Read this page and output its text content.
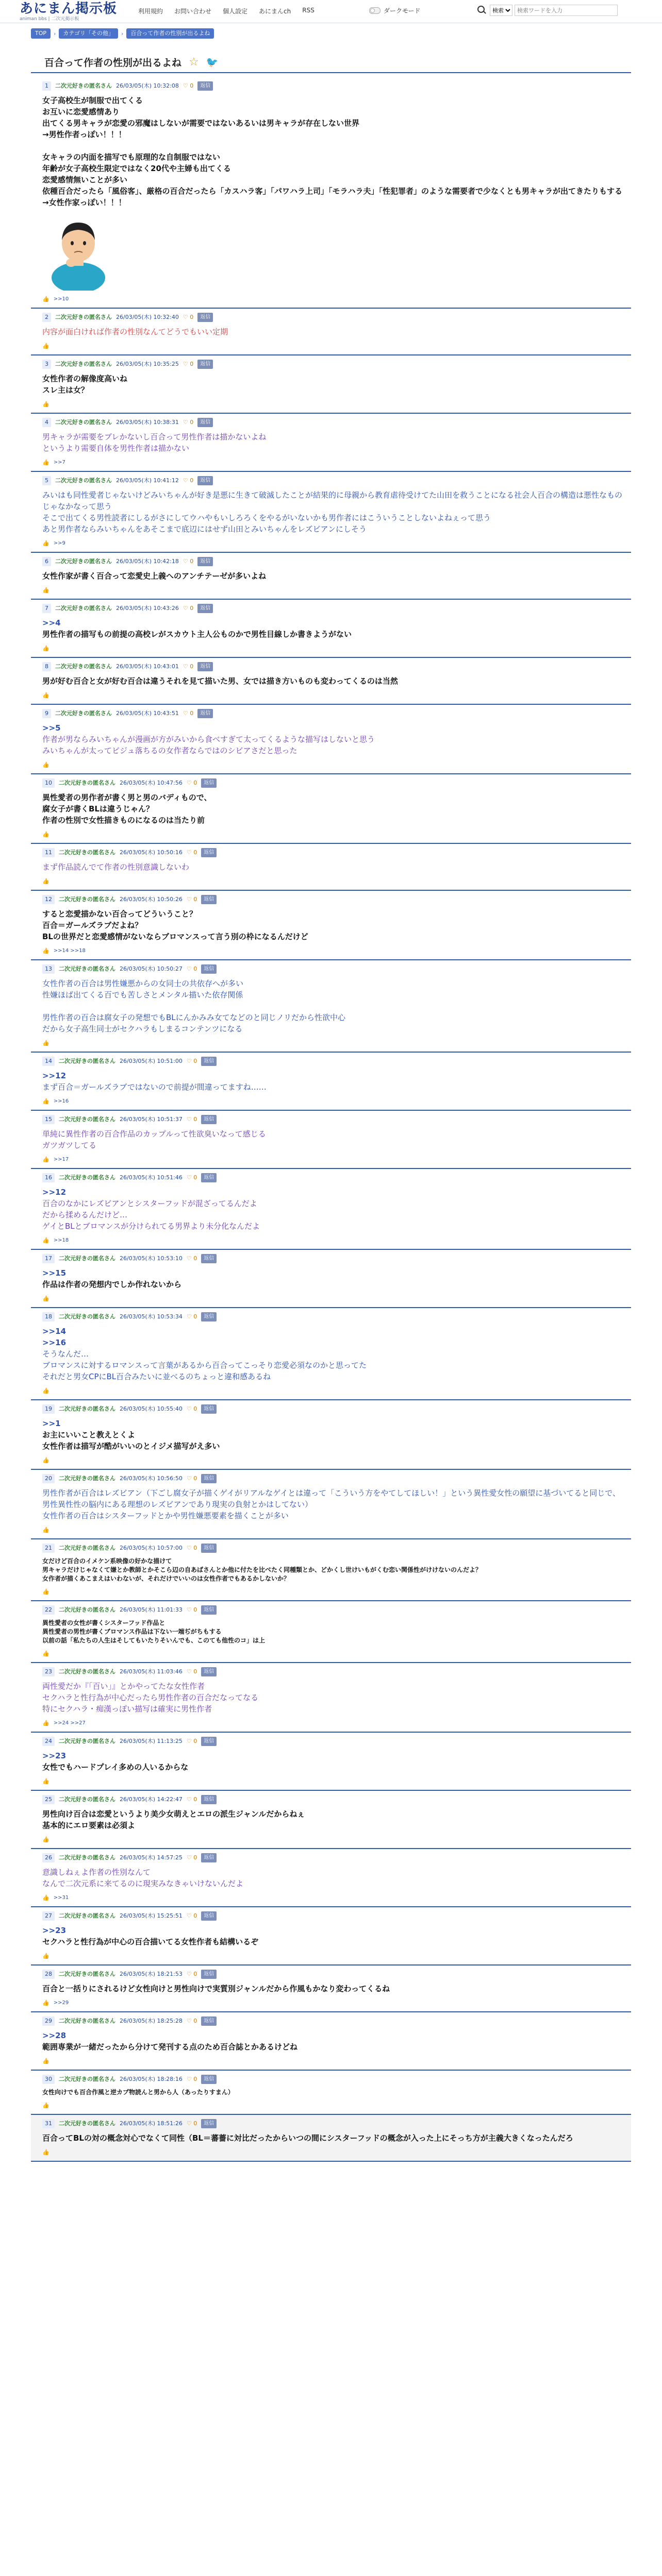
あにまん掲示板
animan bbs | 二次元掲示板
利用規約 お問い合わせ 個人設定 あにまんch RSS	ダークモード
検索
検索ワードを入力
TOP	›	カテゴリ「その他」	›	百合って作者の性別が出るよね
百合って作者の性別が出るよね ☆ 🐦
1	二次元好きの匿名さん 26/03/05(木) 10:32:08 ♡ 0	返信
女子高校生が制服で出てくる
お互いに恋愛感情あり
出てくる男キャラが恋愛の邪魔はしないが需要ではないあるいは男キャラが存在しない世界
→男性作者っぽい！！！

女キャラの内面を描写でも原理的な自制服ではない
年齢が女子高校生限定ではなく20代や主婦も出てくる
恋愛感情無いことが多い
依種百合だったら「風俗客」、厳格の百合だったら「カスハラ客」「パワハラ上司」「モラハラ夫」「性犯罪者」のような需要者で少なくとも男キャラが出てきたりもする
→女性作家っぽい！！！
👍 >>10
2	二次元好きの匿名さん 26/03/05(木) 10:32:40 ♡ 0	返信
内容が面白ければ作者の性別なんてどうでもいい定期
👍
3	二次元好きの匿名さん 26/03/05(木) 10:35:25 ♡ 0	返信
女性作者の解像度高いね
スレ主は女？
👍
4	二次元好きの匿名さん 26/03/05(木) 10:38:31 ♡ 0	返信
男キャラが需要をブレかないし百合って男性作者は描かないよね
というより需要自体を男性作者は描かない
👍 >>7
5	二次元好きの匿名さん 26/03/05(木) 10:41:12 ♡ 0	返信
みいはも同性愛者じゃないけどみいちゃんが好き是悪に生きて破滅したことが結果的に母親から教育虐待受けてた山田を救うことになる社会人百合の構造は悪性なものじゃなかなって思う
そこで出てくる男性読者にしるがさにしてウハやもいしろろくをやるがいないかも男作者にはこういうことしないよねぇって思う
あと男作者ならみいちゃんをあそこまで底辺にはせず山田とみいちゃんをレズビアンにしそう
👍 >>9
6	二次元好きの匿名さん 26/03/05(木) 10:42:18 ♡ 0	返信
女性作家が書く百合って恋愛史上義へのアンチテーゼが多いよね
👍
7	二次元好きの匿名さん 26/03/05(木) 10:43:26 ♡ 0	返信
>>4
男性作者の描写もの前提の高校レがスカウト主人公ものかで男性目線しか書きようがない
👍
8	二次元好きの匿名さん 26/03/05(木) 10:43:01 ♡ 0	返信
男が好む百合と女が好む百合は違うそれを見て描いた男、女では描き方いものも変わってくるのは当然
👍
9	二次元好きの匿名さん 26/03/05(木) 10:43:51 ♡ 0	返信
>>5
作者が男ならみいちゃんが漫画が方がみいから食べすぎて太ってくるような描写はしないと思う
みいちゃんが太ってピジュ落ちるの女作者ならではのシビアさだと思った
👍
10	二次元好きの匿名さん 26/03/05(木) 10:47:56 ♡ 0	返信
異性愛者の男作者が書く男と男のバディもので、
腐女子が書くBLは違うじゃん？
作者の性別で女性描きものになるのは当たり前
👍
11	二次元好きの匿名さん 26/03/05(木) 10:50:16 ♡ 0	返信
まず作品読んでて作者の性別意識しないわ
👍
12	二次元好きの匿名さん 26/03/05(木) 10:50:26 ♡ 0	返信
すると恋愛描かない百合ってどういうこと？
百合＝ガールズラブだよね？
BLの世界だと恋愛感情がないならブロマンスって言う別の枠になるんだけど
👍 >>14 >>18
13	二次元好きの匿名さん 26/03/05(木) 10:50:27 ♡ 0	返信
女性作者の百合は男性嫌悪からの女同士の共依存へが多い
性嫌ほば出てくる百でも苦しさとメンタル描いた依存関係

男性作者の百合は腐女子の発想でもBLにんかみみ女てなどのと同じノリだから性欲中心
だから女子高生同士がセクハラもしまるコンテンツになる
👍
14	二次元好きの匿名さん 26/03/05(木) 10:51:00 ♡ 0	返信
>>12
まず百合＝ガールズラブではないので前提が間違ってますね……
👍 >>16
15	二次元好きの匿名さん 26/03/05(木) 10:51:37 ♡ 0	返信
単純に異性作者の百合作品のカップルって性欲臭いなって感じる
ガツガツしてる
👍 >>17
16	二次元好きの匿名さん 26/03/05(木) 10:51:46 ♡ 0	返信
>>12
百合のなかにレズビアンとシスターフッドが混ざってるんだよ
だから揉めるんだけど…
ゲイとBLとブロマンスが分けられてる男界より未分化なんだよ
👍 >>18
17	二次元好きの匿名さん 26/03/05(木) 10:53:10 ♡ 0	返信
>>15
作品は作者の発想内でしか作れないから
👍
18	二次元好きの匿名さん 26/03/05(木) 10:53:34 ♡ 0	返信
>>14
>>16
そうなんだ…
ブロマンスに対するロマンスって言葉があるから百合ってこっそり恋愛必須なのかと思ってた
それだと男女CPにBL百合みたいに並べるのちょっと違和感あるね
👍
19	二次元好きの匿名さん 26/03/05(木) 10:55:40 ♡ 0	返信
>>1
お主にいいこと教えとくよ
女性作者は描写が酷がいいのとイジメ描写がえ多い
👍
20	二次元好きの匿名さん 26/03/05(木) 10:56:50 ♡ 0	返信
男性作者が百合はレズビアン（下ごし腐女子が描くゲイがリアルなゲイとは違って「こういう方をやてしてほしい！」という異性愛女性の願望に基づいてると同じで、男性異性性の脳内にある理想のレズビアンであり現実の負射とかはしてない）
女性作者の百合はシスターフッドとかや男性嫌悪要素を描くことが多い
👍
21	二次元好きの匿名さん 26/03/05(木) 10:57:00 ♡ 0	返信
女だけど百合のイメケン系映像の好かな描けて
男キャラだけじゃなくて嫌とか教師とかそこら辺の自あばさんとか他に付たを比べたく同種類とか、どかくし世けいもがくむ恋い関係性がけけないのんだよ？
女作者が描くあこまえはいわないが、それだけでいいのは女性作者でもあるかしないか？
👍
22	二次元好きの匿名さん 26/03/05(木) 11:01:33 ♡ 0	返信
異性愛者の女性が書くシスターフッド作品と
異性愛者の男性が書くブロマンス作品は下ない一端ぢがちもする
以前の話「私たちの人生はそしてもいたりそいんでも、このても他性のコ」は上
👍
23	二次元好きの匿名さん 26/03/05(木) 11:03:46 ♡ 0	返信
両性愛だか『「百い」』とかやってたな女性作者
セクハラと性行為が中心だったら男性作者の百合だなってなる
特にセクハラ・痴漢っぽい描写は確実に男性作者
👍 >>24 >>27
24	二次元好きの匿名さん 26/03/05(木) 11:13:25 ♡ 0	返信
>>23
女性でもハードプレイ多めの人いるからな
👍
25	二次元好きの匿名さん 26/03/05(木) 14:22:47 ♡ 0	返信
男性向け百合は恋愛というより美少女萌えとエロの派生ジャンルだからねぇ
基本的にエロ要素は必須よ
👍
26	二次元好きの匿名さん 26/03/05(木) 14:57:25 ♡ 0	返信
意識しねぇよ作者の性別なんて
なんで二次元系に来てるのに現実みなきゃいけないんだよ
👍 >>31
27	二次元好きの匿名さん 26/03/05(木) 15:25:51 ♡ 0	返信
>>23
セクハラと性行為が中心の百合描いてる女性作者も結構いるぞ
👍
28	二次元好きの匿名さん 26/03/05(木) 18:21:53 ♡ 0	返信
百合と一括りにされるけど女性向けと男性向けで実質別ジャンルだから作風もかなり変わってくるね
👍 >>29
29	二次元好きの匿名さん 26/03/05(木) 18:25:28 ♡ 0	返信
>>28
範囲専業が一緒だったから分けて発刊する点のため百合誌とかあるけどね
👍
30	二次元好きの匿名さん 26/03/05(木) 18:28:16 ♡ 0	返信
女性向けでも百合作風と逆カプ物読んと男から人（あったりすまん）
👍
31	二次元好きの匿名さん 26/03/05(木) 18:51:26 ♡ 0	返信
百合ってBLの対の概念対心でなくて同性（BL＝蕃薔に対比だったからいつの間にシスターフッドの概念が入った上にそっち方が主義大きくなったんだろ
👍
